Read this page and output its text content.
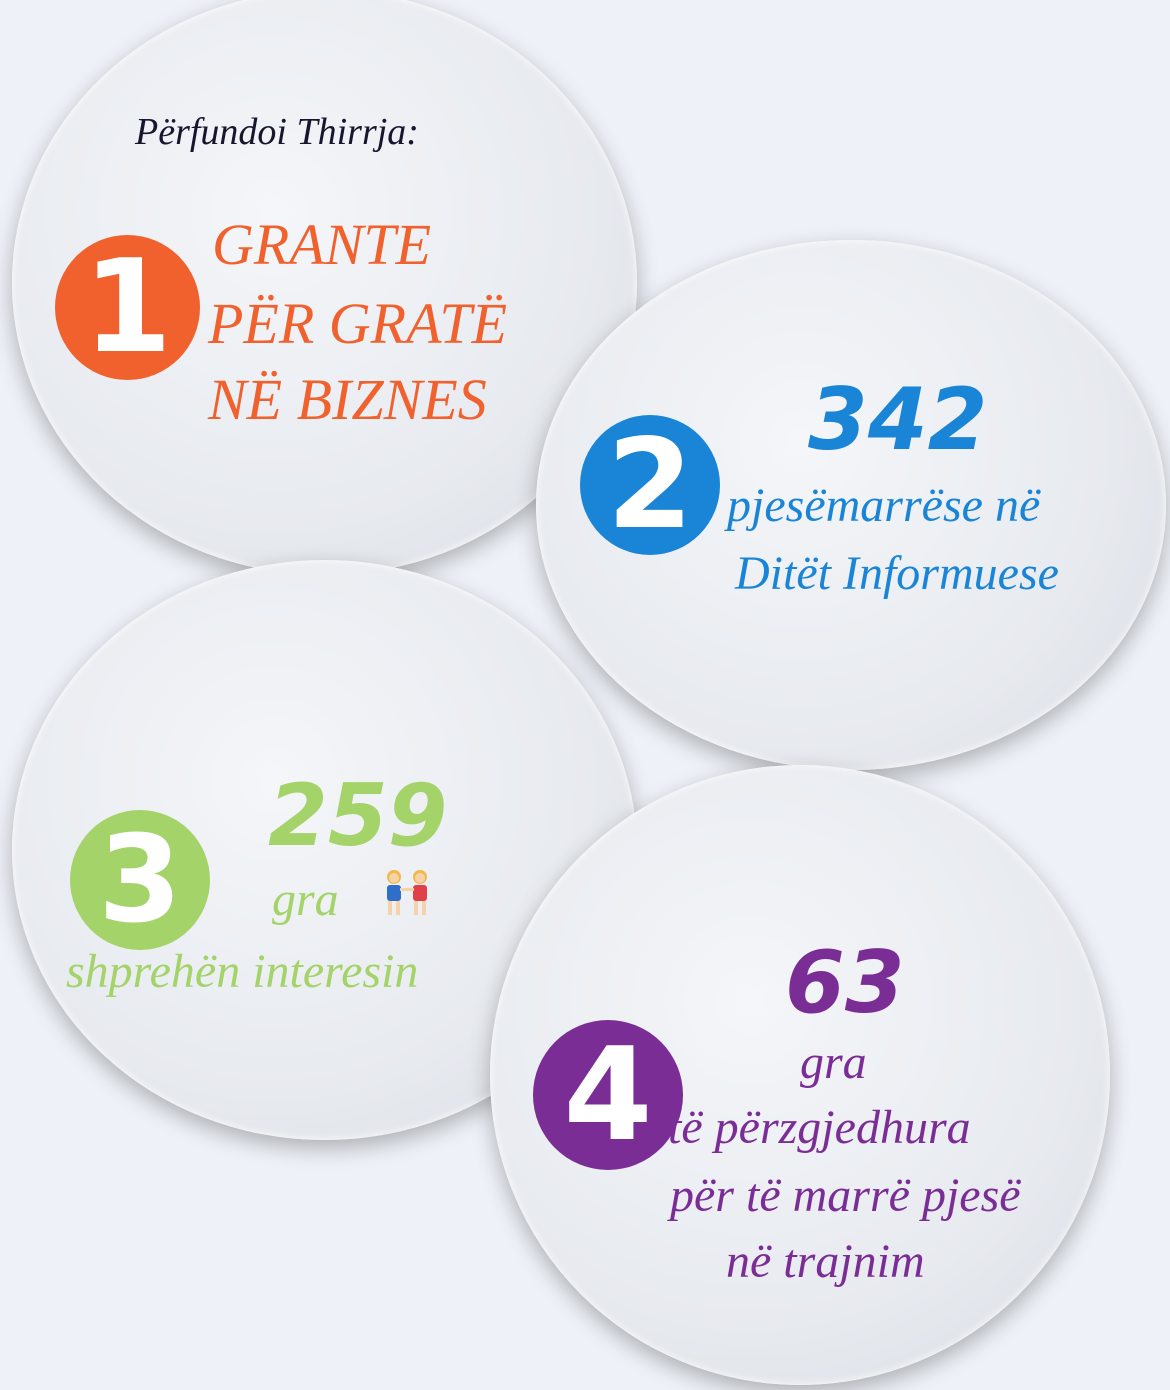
Përfundoi Thirrja:
1 GRANTE
PËR GRATË
NË BIZNES
2 342
pjesëmarrëse në
Ditët Informuese
3 259
gra
shprehën interesin
4
63
gra
të përzgjedhura
për të marrë pjesë
në trajnim
